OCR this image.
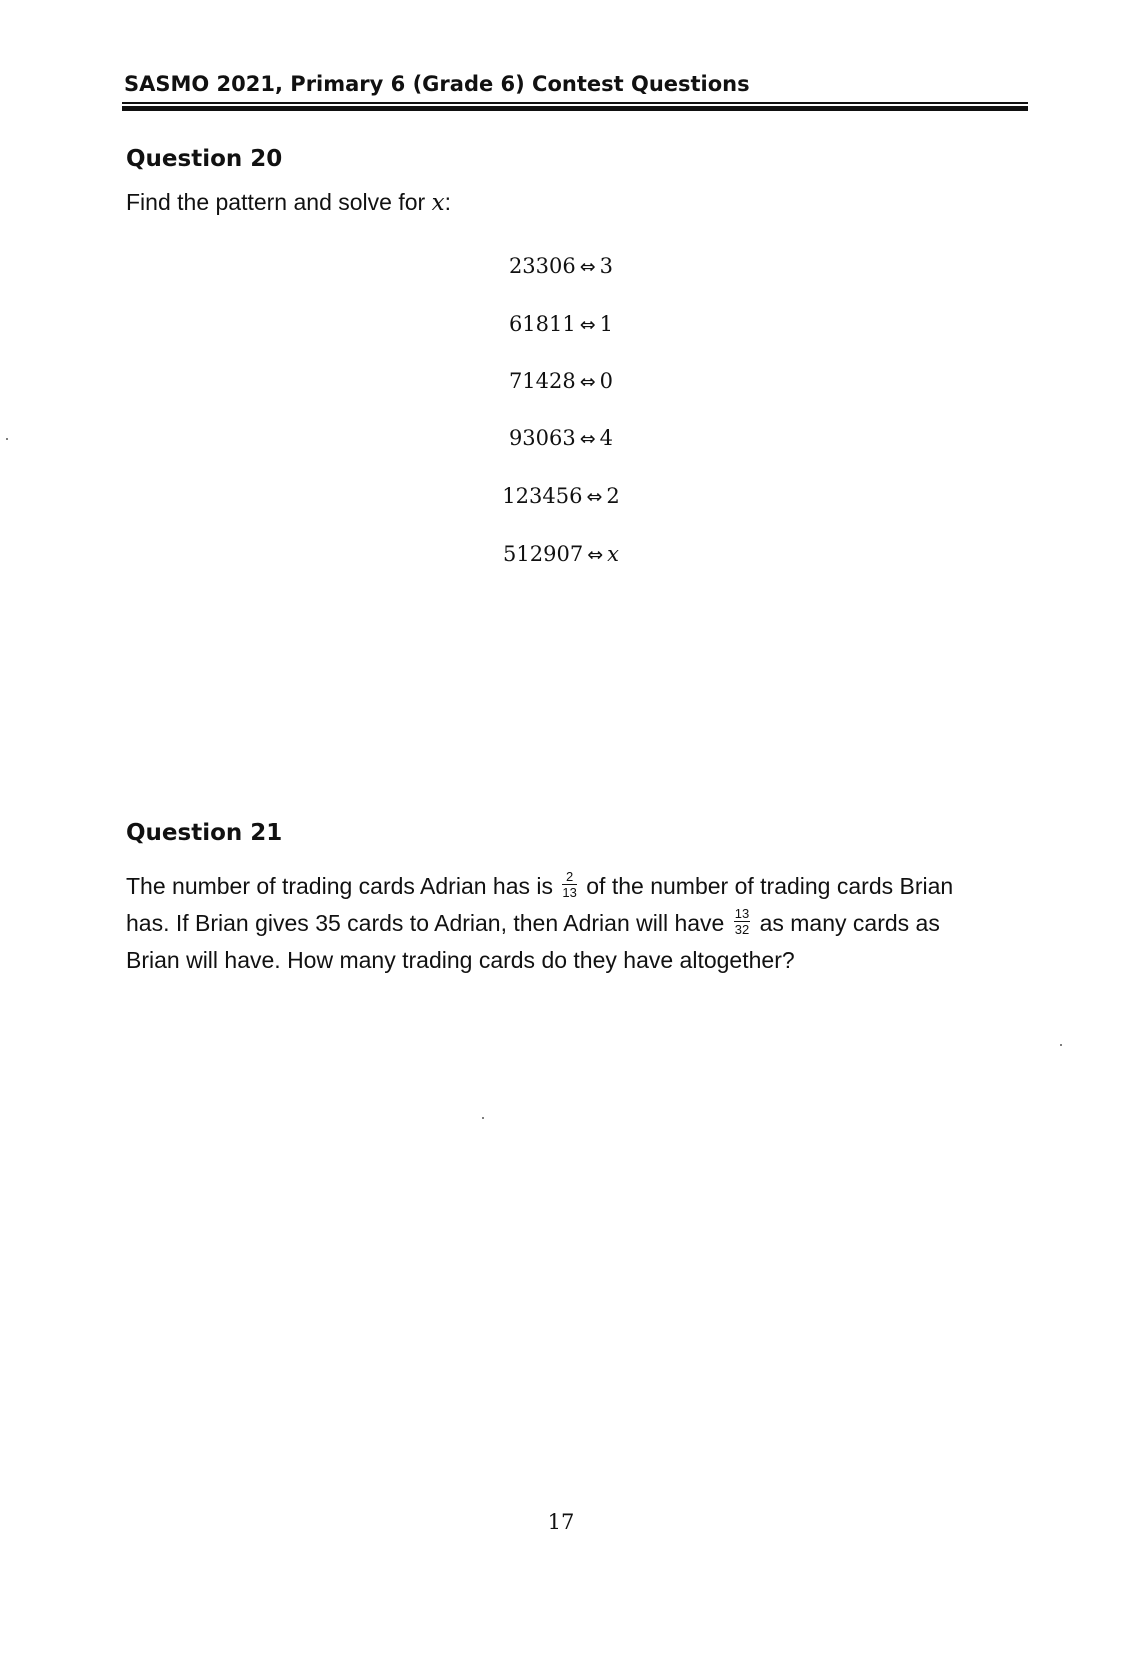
SASMO 2021, Primary 6 (Grade 6) Contest Questions
Question 20
Find the pattern and solve for x:
23306 ⇔ 3
61811 ⇔ 1
71428 ⇔ 0
93063 ⇔ 4
123456 ⇔ 2
512907 ⇔ x
Question 21
The number of trading cards Adrian has is $\frac{2}{13}$ of the number of trading cards Brian
has. If Brian gives 35 cards to Adrian, then Adrian will have $\frac{13}{32}$ as many cards as
Brian will have. How many trading cards do they have altogether?
17
